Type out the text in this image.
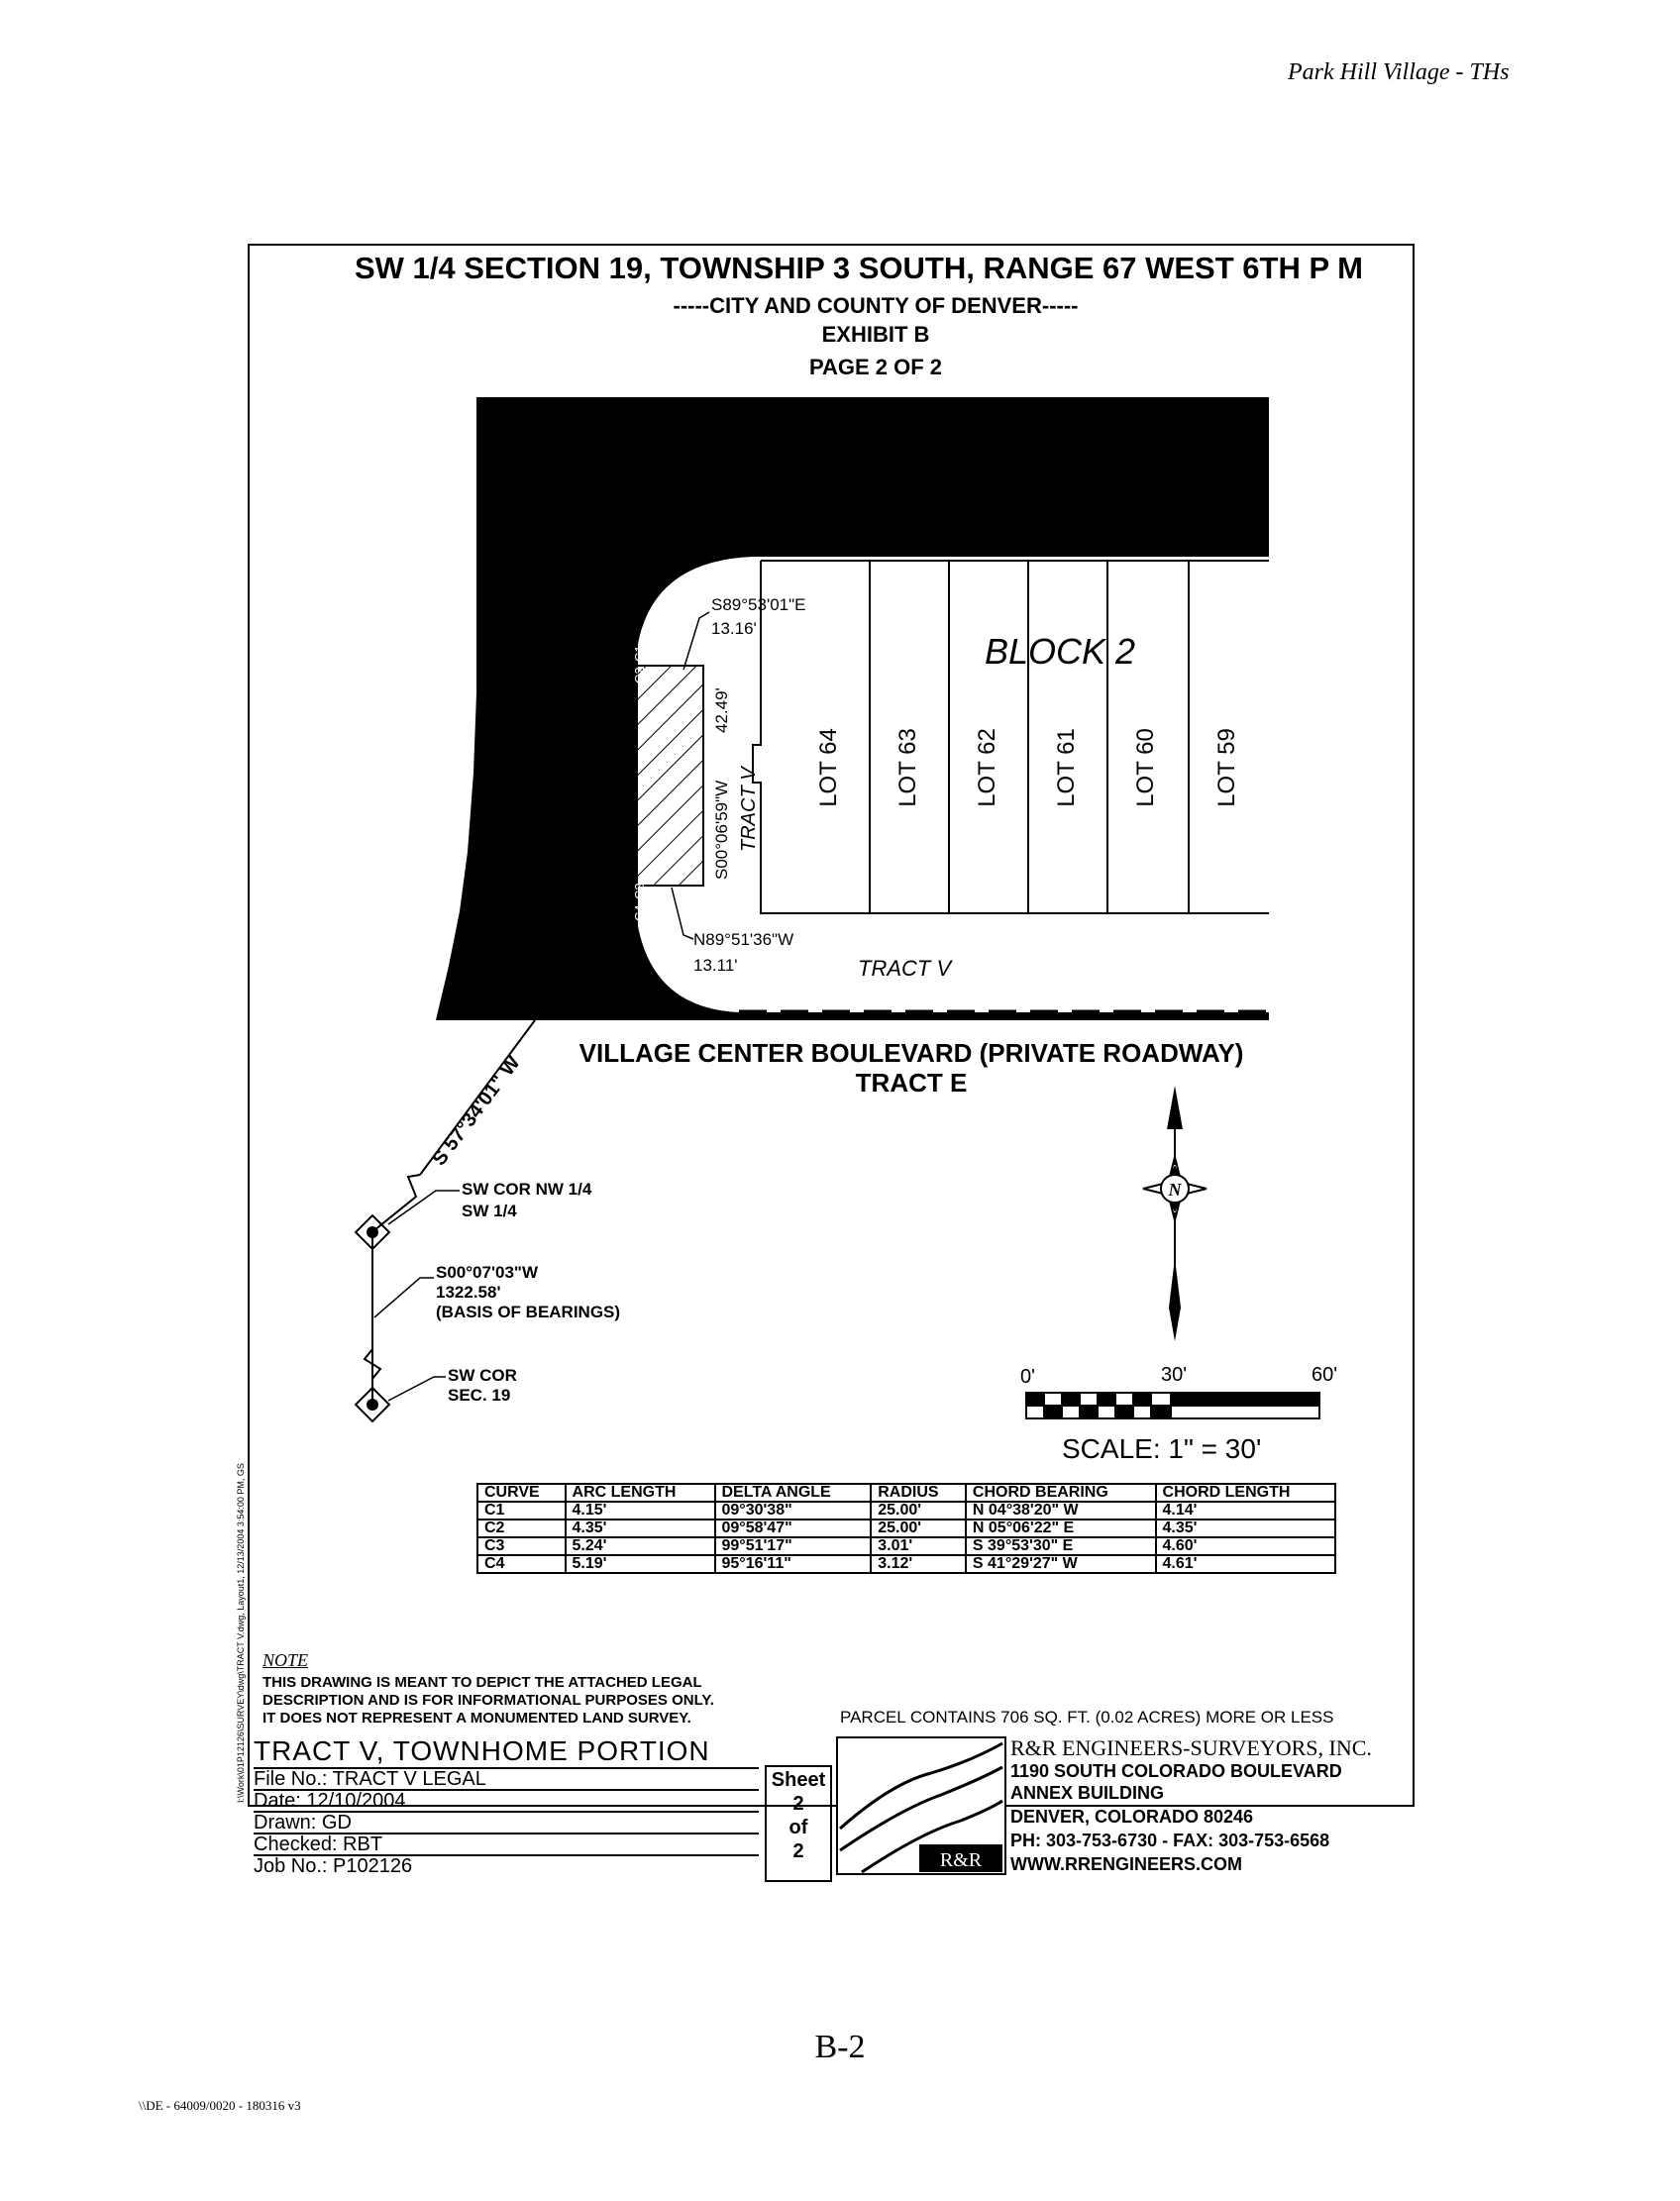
Park Hill Village - THs
SW 1/4 SECTION 19, TOWNSHIP 3 SOUTH, RANGE 67 WEST 6TH P M
-----CITY AND COUNTY OF DENVER-----
EXHIBIT B
PAGE 2 OF 2
BLOCK 2
LOT 64 LOT 63 LOT 62 LOT 61 LOT 60 LOT 59
TRACT V
TRACT V
S89°53'01"E
13.16'
S00°06'59"W
42.49'
N89°51'36"W
13.11'
C1
C2
C3
C4
VILLAGE CENTER BOULEVARD (PRIVATE ROADWAY)
TRACT E
S 57°34'01" W
SW COR NW 1/4
SW 1/4
S00°07'03"W
1322.58'
(BASIS OF BEARINGS)
SW COR
SEC. 19
N
0'	30'	60'
SCALE: 1" = 30'
I:\Work\01P12126\SURVEY\dwg\TRACT V.dwg, Layout1, 12/13/2004 3:54:00 PM, GS
R&R
CURVE	ARC LENGTH	DELTA ANGLE	RADIUS	CHORD BEARING	CHORD LENGTH
C1	4.15'	09°30'38"	25.00'	N 04°38'20" W	4.14'
C2	4.35'	09°58'47"	25.00'	N 05°06'22" E	4.35'
C3	5.24'	99°51'17"	3.01'	S 39°53'30" E	4.60'
C4	5.19'	95°16'11"	3.12'	S 41°29'27" W	4.61'
NOTE
THIS DRAWING IS MEANT TO DEPICT THE ATTACHED LEGAL
DESCRIPTION AND IS FOR INFORMATIONAL PURPOSES ONLY.
IT DOES NOT REPRESENT A MONUMENTED LAND SURVEY.	PARCEL CONTAINS 706 SQ. FT. (0.02 ACRES) MORE OR LESS
TRACT V, TOWNHOME PORTION
File No.: TRACT V LEGAL
Date: 12/10/2004
Drawn: GD
Checked: RBT
Job No.: P102126
Sheet
2
of
2
R&R ENGINEERS-SURVEYORS, INC.
1190 SOUTH COLORADO BOULEVARD
ANNEX BUILDING
DENVER, COLORADO 80246
PH: 303-753-6730 - FAX: 303-753-6568
WWW.RRENGINEERS.COM
B-2
\\DE - 64009/0020 - 180316 v3
